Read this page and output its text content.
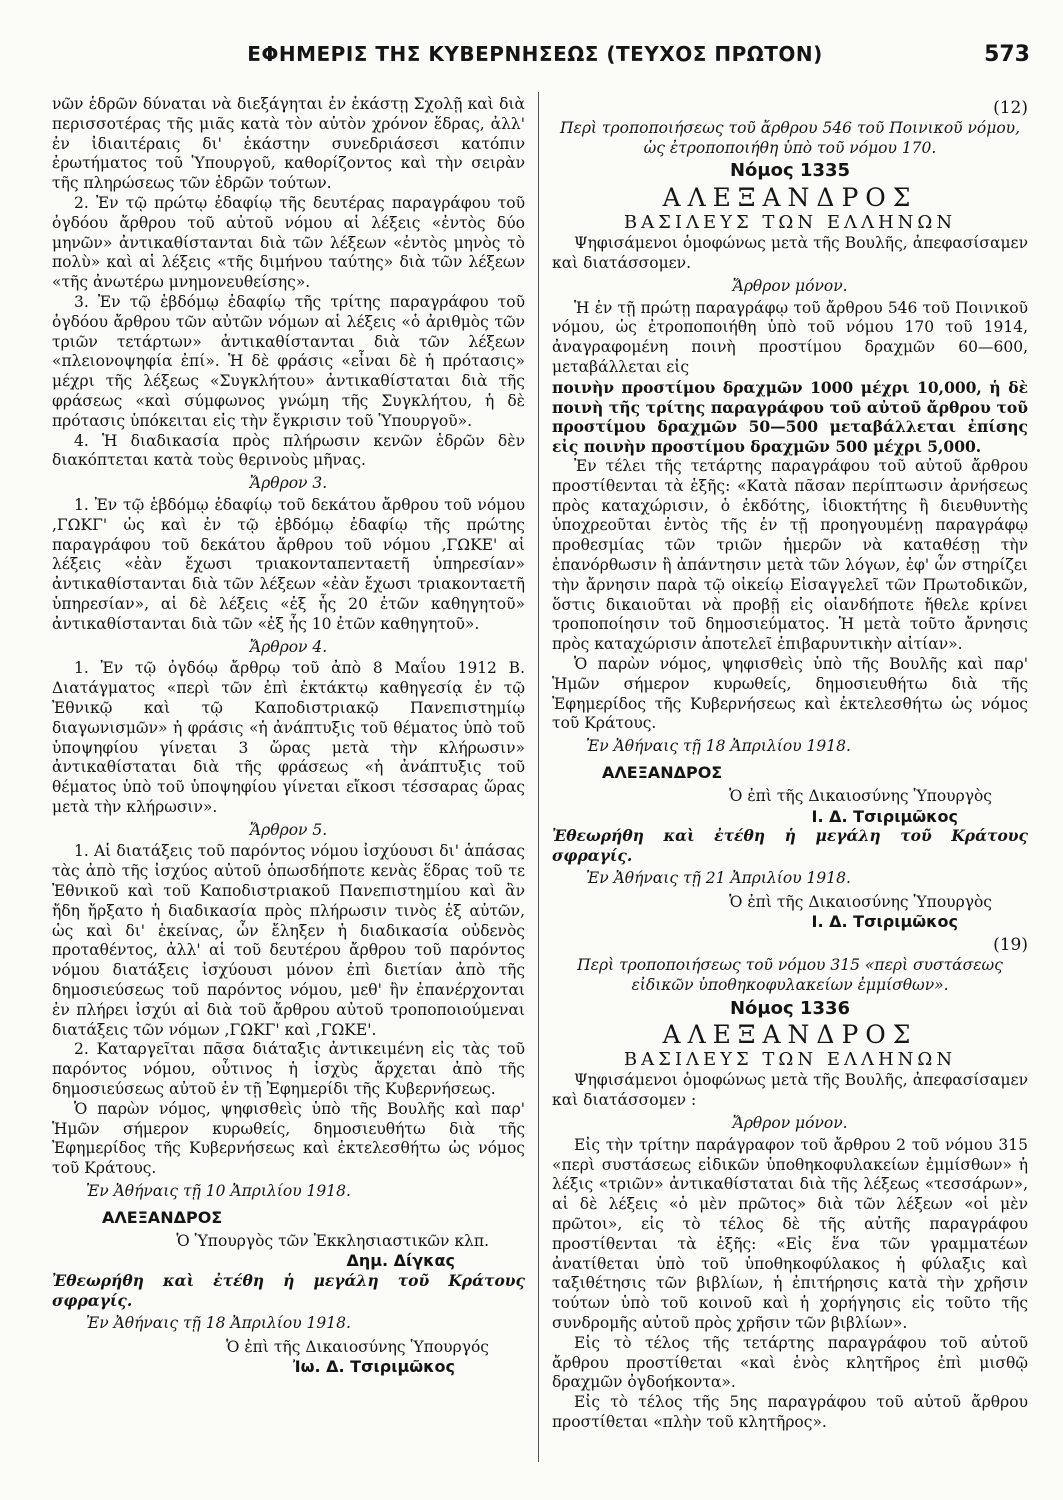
ΕΦΗΜΕΡΙΣ ΤΗΣ ΚΥΒΕΡΝΗΣΕΩΣ (ΤΕΥΧΟΣ ΠΡΩΤΟΝ)	573

νῶν ἑδρῶν δύναται νὰ διεξάγηται ἐν ἑκάστῃ Σχολῇ καὶ διὰ περισσοτέρας τῆς μιᾶς κατὰ τὸν αὐτὸν χρόνον ἕδρας, ἀλλ' ἐν ἰδιαιτέραις δι' ἑκάστην συνεδριάσεσι κατόπιν ἐρωτήματος τοῦ Ὑπουργοῦ, καθορίζοντος καὶ τὴν σειρὰν τῆς πληρώσεως τῶν ἑδρῶν τούτων.

2. Ἐν τῷ πρώτῳ ἐδαφίῳ τῆς δευτέρας παραγράφου τοῦ ὀγδόου ἄρθρου τοῦ αὐτοῦ νόμου αἱ λέξεις «ἐντὸς δύο μηνῶν» ἀντικαθίστανται διὰ τῶν λέξεων «ἐντὸς μηνὸς τὸ πολὺ» καὶ αἱ λέξεις «τῆς διμήνου ταύτης» διὰ τῶν λέξεων «τῆς ἀνωτέρω μνημονευθείσης».

3. Ἐν τῷ ἑβδόμῳ ἐδαφίῳ τῆς τρίτης παραγράφου τοῦ ὀγδόου ἄρθρου τῶν αὐτῶν νόμων αἱ λέξεις «ὁ ἀριθμὸς τῶν τριῶν τετάρτων» ἀντικαθίστανται διὰ τῶν λέξεων «πλειονοψηφία ἐπί». Ἡ δὲ φράσις «εἶναι δὲ ἡ πρότασις» μέχρι τῆς λέξεως «Συγκλήτου» ἀντικαθίσταται διὰ τῆς φράσεως «καὶ σύμφωνος γνώμη τῆς Συγκλήτου, ἡ δὲ πρότασις ὑπόκειται εἰς τὴν ἔγκρισιν τοῦ Ὑπουργοῦ».

4. Ἡ διαδικασία πρὸς πλήρωσιν κενῶν ἑδρῶν δὲν διακόπτεται κατὰ τοὺς θερινοὺς μῆνας.

Ἄρθρον 3.

1. Ἐν τῷ ἑβδόμῳ ἐδαφίῳ τοῦ δεκάτου ἄρθρου τοῦ νόμου ,ΓΩΚΓ' ὡς καὶ ἐν τῷ ἑβδόμῳ ἐδαφίῳ τῆς πρώτης παραγράφου τοῦ δεκάτου ἄρθρου τοῦ νόμου ,ΓΩΚΕ' αἱ λέξεις «ἐὰν ἔχωσι τριακονταπενταετῆ ὑπηρεσίαν» ἀντικαθίστανται διὰ τῶν λέξεων «ἐὰν ἔχωσι τριακονταετῆ ὑπηρεσίαν», αἱ δὲ λέξεις «ἐξ ἧς 20 ἐτῶν καθηγητοῦ» ἀντικαθίστανται διὰ τῶν «ἐξ ἧς 10 ἐτῶν καθηγητοῦ».

Ἄρθρον 4.

1. Ἐν τῷ ὀγδόῳ ἄρθρῳ τοῦ ἀπὸ 8 Μαΐου 1912 Β. Διατάγματος «περὶ τῶν ἐπὶ ἐκτάκτῳ καθηγεσίᾳ ἐν τῷ Ἐθνικῷ καὶ τῷ Καποδιστριακῷ Πανεπιστημίῳ διαγωνισμῶν» ἡ φράσις «ἡ ἀνάπτυξις τοῦ θέματος ὑπὸ τοῦ ὑποψηφίου γίνεται 3 ὥρας μετὰ τὴν κλήρωσιν» ἀντικαθίσταται διὰ τῆς φράσεως «ἡ ἀνάπτυξις τοῦ θέματος ὑπὸ τοῦ ὑποψηφίου γίνεται εἴκοσι τέσσαρας ὥρας μετὰ τὴν κλήρωσιν».

Ἄρθρον 5.

1. Αἱ διατάξεις τοῦ παρόντος νόμου ἰσχύουσι δι' ἁπάσας τὰς ἀπὸ τῆς ἰσχύος αὐτοῦ ὁπωσδήποτε κενὰς ἕδρας τοῦ τε Ἐθνικοῦ καὶ τοῦ Καποδιστριακοῦ Πανεπιστημίου καὶ ἂν ἤδη ἤρξατο ἡ διαδικασία πρὸς πλήρωσιν τινὸς ἐξ αὐτῶν, ὡς καὶ δι' ἐκείνας, ὧν ἔληξεν ἡ διαδικασία οὐδενὸς προταθέντος, ἀλλ' αἱ τοῦ δευτέρου ἄρθρου τοῦ παρόντος νόμου διατάξεις ἰσχύουσι μόνον ἐπὶ διετίαν ἀπὸ τῆς δημοσιεύσεως τοῦ παρόντος νόμου, μεθ' ἣν ἐπανέρχονται ἐν πλήρει ἰσχύι αἱ διὰ τοῦ ἄρθρου αὐτοῦ τροποποιούμεναι διατάξεις τῶν νόμων ,ΓΩΚΓ' καὶ ,ΓΩΚΕ'.

2. Καταργεῖται πᾶσα διάταξις ἀντικειμένη εἰς τὰς τοῦ παρόντος νόμου, οὗτινος ἡ ἰσχὺς ἄρχεται ἀπὸ τῆς δημοσιεύσεως αὐτοῦ ἐν τῇ Ἐφημερίδι τῆς Κυβερνήσεως.

Ὁ παρὼν νόμος, ψηφισθεὶς ὑπὸ τῆς Βουλῆς καὶ παρ' Ἡμῶν σήμερον κυρωθείς, δημοσιευθήτω διὰ τῆς Ἐφημερίδος τῆς Κυβερνήσεως καὶ ἐκτελεσθήτω ὡς νόμος τοῦ Κράτους.

Ἐν Ἀθήναις τῇ 10 Ἀπριλίου 1918.

ΑΛΕΞΑΝΔΡΟΣ

Ὁ Ὑπουργὸς τῶν Ἐκκλησιαστικῶν κλπ.

Δημ. Δίγκας

Ἐθεωρήθη καὶ ἐτέθη ἡ μεγάλη τοῦ Κράτους σφραγίς.

Ἐν Ἀθήναις τῇ 18 Ἀπριλίου 1918.

Ὁ ἐπὶ τῆς Δικαιοσύνης Ὑπουργός

Ἰω. Δ. Τσιριμῶκος

(12)

Περὶ τροποποιήσεως τοῦ ἄρθρου 546 τοῦ Ποινικοῦ νόμου, ὡς ἐτροποποιήθη ὑπὸ τοῦ νόμου 170.

Νόμος 1335

ΑΛΕΞΑΝΔΡΟΣ

ΒΑΣΙΛΕΥΣ ΤΩΝ ΕΛΛΗΝΩΝ

Ψηφισάμενοι ὁμοφώνως μετὰ τῆς Βουλῆς, ἀπεφασίσαμεν καὶ διατάσσομεν.

Ἄρθρον μόνον.

Ἡ ἐν τῇ πρώτῃ παραγράφῳ τοῦ ἄρθρου 546 τοῦ Ποινικοῦ νόμου, ὡς ἐτροποποιήθη ὑπὸ τοῦ νόμου 170 τοῦ 1914, ἀναγραφομένη ποινὴ προστίμου δραχμῶν 60—600, μεταβάλλεται εἰς

ποινὴν προστίμου δραχμῶν 1000 μέχρι 10,000, ἡ δὲ ποινὴ τῆς τρίτης παραγράφου τοῦ αὐτοῦ ἄρθρου τοῦ προστίμου δραχμῶν 50—500 μεταβάλλεται ἐπίσης εἰς ποινὴν προστίμου δραχμῶν 500 μέχρι 5,000.

Ἐν τέλει τῆς τετάρτης παραγράφου τοῦ αὐτοῦ ἄρθρου προστίθενται τὰ ἑξῆς: «Κατὰ πᾶσαν περίπτωσιν ἀρνήσεως πρὸς καταχώρισιν, ὁ ἐκδότης, ἰδιοκτήτης ἢ διευθυντὴς ὑποχρεοῦται ἐντὸς τῆς ἐν τῇ προηγουμένῃ παραγράφῳ προθεσμίας τῶν τριῶν ἡμερῶν νὰ καταθέσῃ τὴν ἐπανόρθωσιν ἢ ἀπάντησιν μετὰ τῶν λόγων, ἐφ' ὧν στηρίζει τὴν ἄρνησιν παρὰ τῷ οἰκείῳ Εἰσαγγελεῖ τῶν Πρωτοδικῶν, ὅστις δικαιοῦται νὰ προβῇ εἰς οἱανδήποτε ἤθελε κρίνει τροποποίησιν τοῦ δημοσιεύματος. Ἡ μετὰ τοῦτο ἄρνησις πρὸς καταχώρισιν ἀποτελεῖ ἐπιβαρυντικὴν αἰτίαν».

Ὁ παρὼν νόμος, ψηφισθεὶς ὑπὸ τῆς Βουλῆς καὶ παρ' Ἡμῶν σήμερον κυρωθείς, δημοσιευθήτω διὰ τῆς Ἐφημερίδος τῆς Κυβερνήσεως καὶ ἐκτελεσθήτω ὡς νόμος τοῦ Κράτους.

Ἐν Ἀθήναις τῇ 18 Ἀπριλίου 1918.

ΑΛΕΞΑΝΔΡΟΣ

Ὁ ἐπὶ τῆς Δικαιοσύνης Ὑπουργὸς

Ι. Δ. Τσιριμῶκος

Ἐθεωρήθη καὶ ἐτέθη ἡ μεγάλη τοῦ Κράτους σφραγίς.

Ἐν Ἀθήναις τῇ 21 Ἀπριλίου 1918.

Ὁ ἐπὶ τῆς Δικαιοσύνης Ὑπουργὸς

Ι. Δ. Τσιριμῶκος

(19)

Περὶ τροποποιήσεως τοῦ νόμου 315 «περὶ συστάσεως εἰδικῶν ὑποθηκοφυλακείων ἐμμίσθων».

Νόμος 1336

ΑΛΕΞΑΝΔΡΟΣ

ΒΑΣΙΛΕΥΣ ΤΩΝ ΕΛΛΗΝΩΝ

Ψηφισάμενοι ὁμοφώνως μετὰ τῆς Βουλῆς, ἀπεφασίσαμεν καὶ διατάσσομεν :

Ἄρθρον μόνον.

Εἰς τὴν τρίτην παράγραφον τοῦ ἄρθρου 2 τοῦ νόμου 315 «περὶ συστάσεως εἰδικῶν ὑποθηκοφυλακείων ἐμμίσθων» ἡ λέξις «τριῶν» ἀντικαθίσταται διὰ τῆς λέξεως «τεσσάρων», αἱ δὲ λέξεις «ὁ μὲν πρῶτος» διὰ τῶν λέξεων «οἱ μὲν πρῶτοι», εἰς τὸ τέλος δὲ τῆς αὐτῆς παραγράφου προστίθενται τὰ ἑξῆς: «Εἰς ἕνα τῶν γραμματέων ἀνατίθεται ὑπὸ τοῦ ὑποθηκοφύλακος ἡ φύλαξις καὶ ταξιθέτησις τῶν βιβλίων, ἡ ἐπιτήρησις κατὰ τὴν χρῆσιν τούτων ὑπὸ τοῦ κοινοῦ καὶ ἡ χορήγησις εἰς τοῦτο τῆς συνδρομῆς αὐτοῦ πρὸς χρῆσιν τῶν βιβλίων».

Εἰς τὸ τέλος τῆς τετάρτης παραγράφου τοῦ αὐτοῦ ἄρθρου προστίθεται «καὶ ἑνὸς κλητῆρος ἐπὶ μισθῷ δραχμῶν ὀγδοήκοντα».

Εἰς τὸ τέλος τῆς 5ης παραγράφου τοῦ αὐτοῦ ἄρθρου προστίθεται «πλὴν τοῦ κλητῆρος».
